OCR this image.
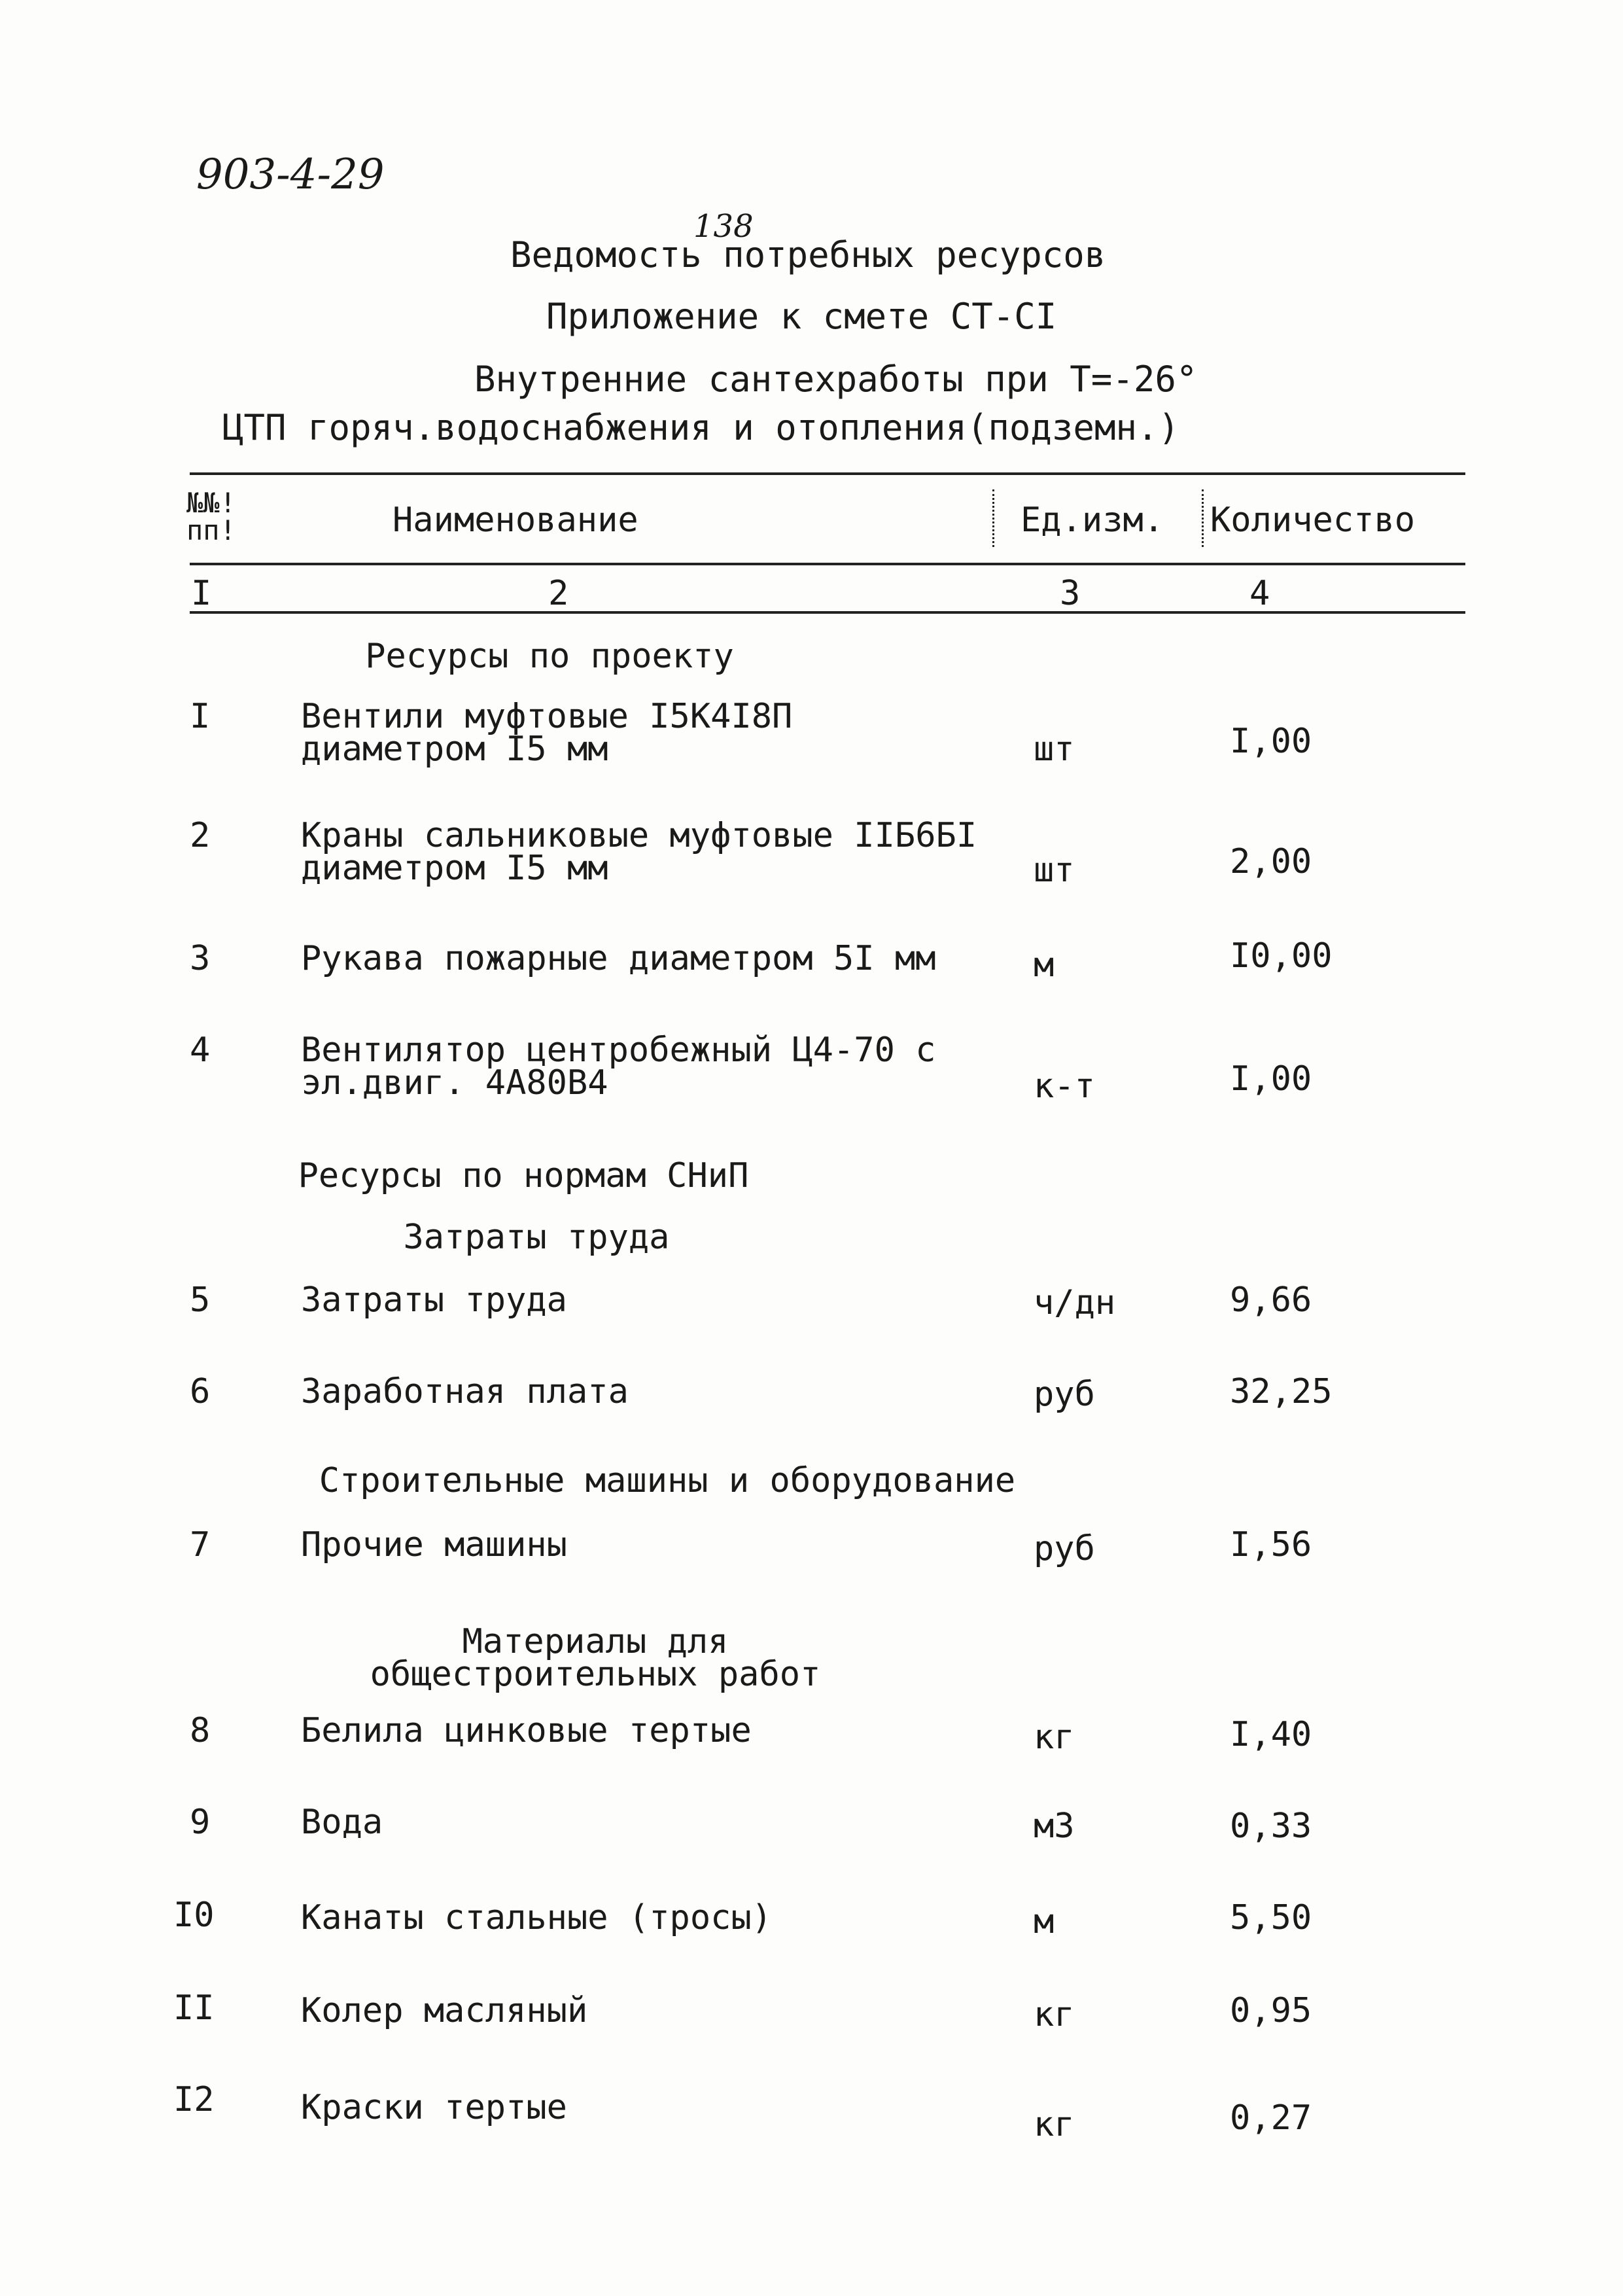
903-4-29
138
Ведомость потребных ресурсов
Приложение к смете СТ-СI
Внутренние сантехработы при Т=-26°
ЦТП горяч.водоснабжения и отопления(подземн.)
№№! пп!	Наименование	Ед.изм. Количество
I	2	3	4
Ресурсы по проекту
I	Вентили муфтовые I5К4I8П диаметром I5 мм	шт	I,00
2	Краны сальниковые муфтовые IIБ6БI диаметром I5 мм	шт	2,00
3	Рукава пожарные диаметром 5I мм	м	I0,00
4	Вентилятор центробежный Ц4-70 с эл.двиг. 4А80В4	к-т	I,00
Ресурсы по нормам СНиП
Затраты труда
5	Затраты труда	ч/дн	9,66
6	Заработная плата	руб	32,25
Строительные машины и оборудование
7	Прочие машины	руб	I,56
Материалы для общестроительных работ
8	Белила цинковые тертые	кг	I,40
9	Вода	м3	0,33
I0	Канаты стальные (тросы)	м	5,50
II	Колер масляный	кг	0,95
I2	Краски тертые	кг	0,27
